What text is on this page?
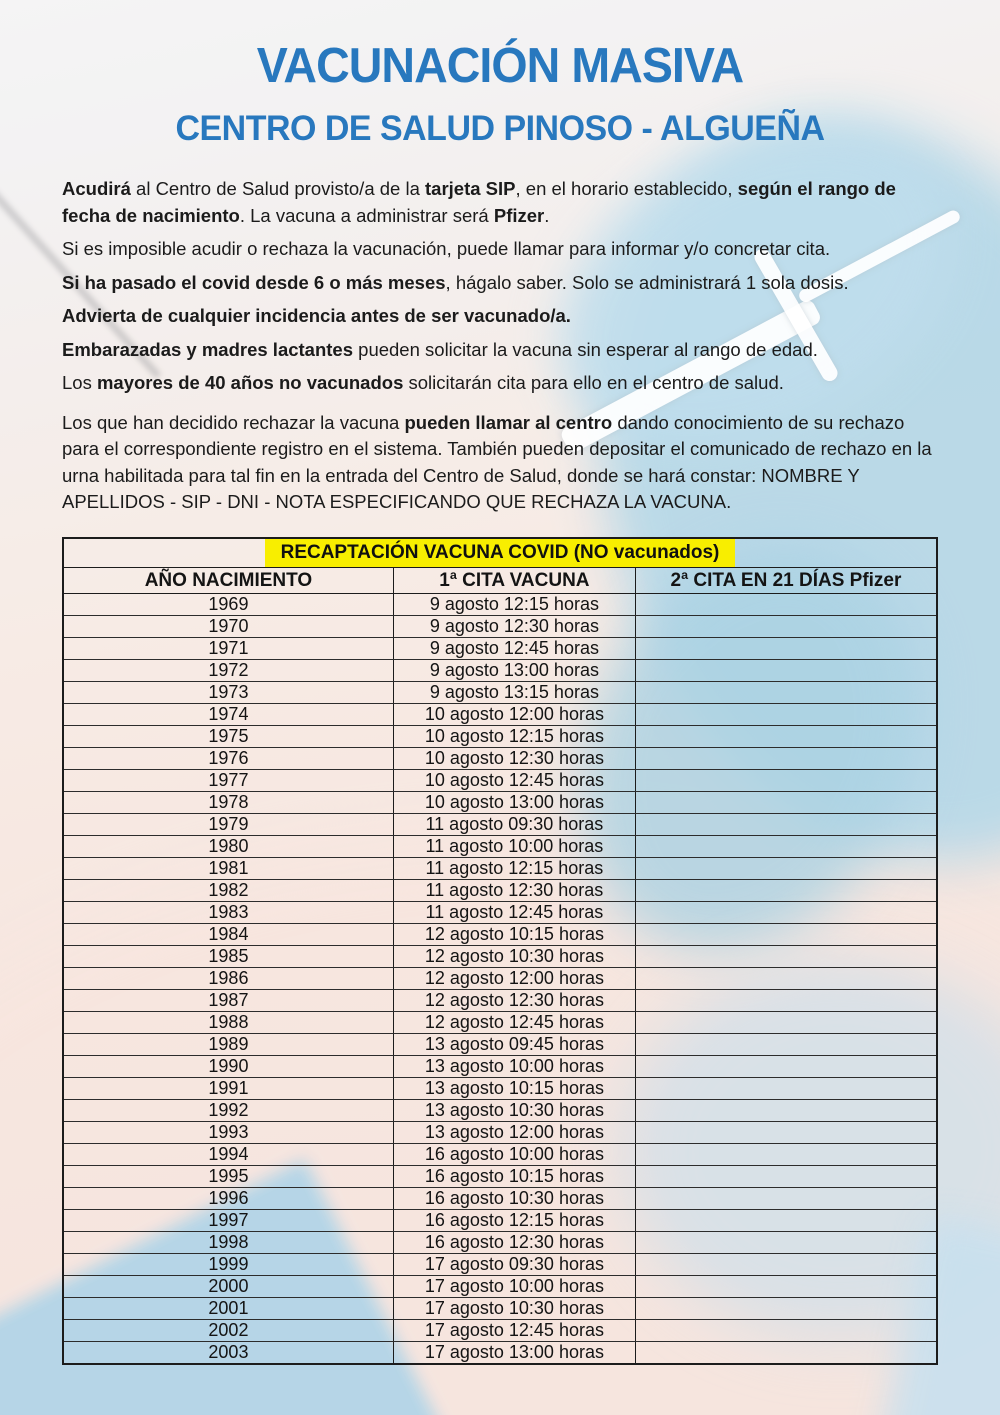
VACUNACIÓN MASIVA
CENTRO DE SALUD PINOSO - ALGUEÑA

Acudirá al Centro de Salud provisto/a de la tarjeta SIP, en el horario establecido, según el rango de fecha de nacimiento. La vacuna a administrar será Pfizer.

Si es imposible acudir o rechaza la vacunación, puede llamar para informar y/o concretar cita.

Si ha pasado el covid desde 6 o más meses, hágalo saber. Solo se administrará 1 sola dosis.

Advierta de cualquier incidencia antes de ser vacunado/a.

Embarazadas y madres lactantes pueden solicitar la vacuna sin esperar al rango de edad.

Los mayores de 40 años no vacunados solicitarán cita para ello en el centro de salud.

Los que han decidido rechazar la vacuna pueden llamar al centro dando conocimiento de su rechazo para el correspondiente registro en el sistema. También pueden depositar el comunicado de rechazo en la urna habilitada para tal fin en la entrada del Centro de Salud, donde se hará constar: NOMBRE Y APELLIDOS - SIP - DNI - NOTA ESPECIFICANDO QUE RECHAZA LA VACUNA.

RECAPTACIÓN VACUNA COVID (NO vacunados)		
AÑO NACIMIENTO	1ª CITA VACUNA	2ª CITA EN 21 DÍAS Pfizer
1969	9 agosto 12:15 horas	
1970	9 agosto 12:30 horas	
1971	9 agosto 12:45 horas	
1972	9 agosto 13:00 horas	
1973	9 agosto 13:15 horas	
1974	10 agosto 12:00 horas	
1975	10 agosto 12:15 horas	
1976	10 agosto 12:30 horas	
1977	10 agosto 12:45 horas	
1978	10 agosto 13:00 horas	
1979	11 agosto 09:30 horas	
1980	11 agosto 10:00 horas	
1981	11 agosto 12:15 horas	
1982	11 agosto 12:30 horas	
1983	11 agosto 12:45 horas	
1984	12 agosto 10:15 horas	
1985	12 agosto 10:30 horas	
1986	12 agosto 12:00 horas	
1987	12 agosto 12:30 horas	
1988	12 agosto 12:45 horas	
1989	13 agosto 09:45 horas	
1990	13 agosto 10:00 horas	
1991	13 agosto 10:15 horas	
1992	13 agosto 10:30 horas	
1993	13 agosto 12:00 horas	
1994	16 agosto 10:00 horas	
1995	16 agosto 10:15 horas	
1996	16 agosto 10:30 horas	
1997	16 agosto 12:15 horas	
1998	16 agosto 12:30 horas	
1999	17 agosto 09:30 horas	
2000	17 agosto 10:00 horas	
2001	17 agosto 10:30 horas	
2002	17 agosto 12:45 horas	
2003	17 agosto 13:00 horas	
